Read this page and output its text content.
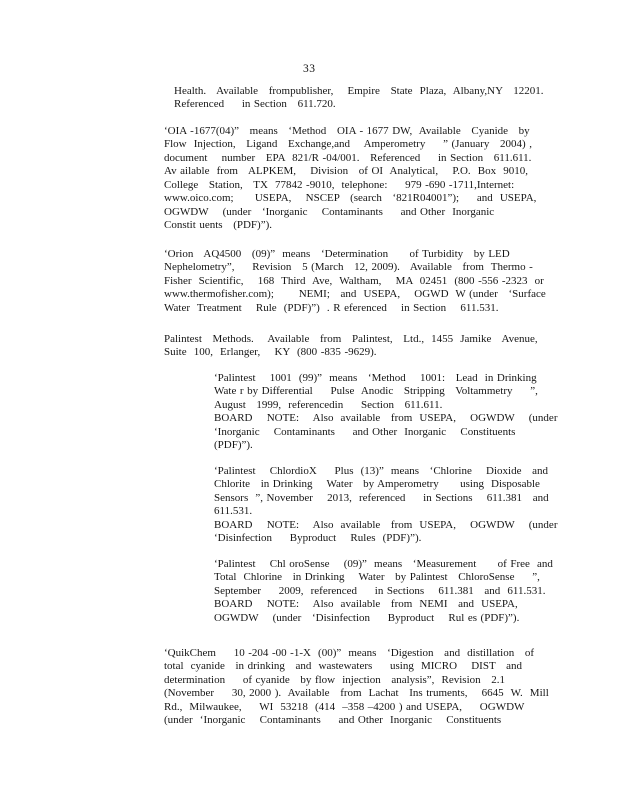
33
Health.   Available   frompublisher,    Empire   State  Plaza,  Albany,NY   12201.
Referenced     in Section   611.720.
‘OIA -1677(04)”   means   ‘Method   OIA - 1677 DW,  Available   Cyanide   by
Flow  Injection,   Ligand   Exchange,and    Amperometry     ” (January   2004) ,
document    number   EPA  821/R -04/001.   Referenced     in Section   611.611.
Av ailable  from   ALPKEM,    Division   of OI  Analytical,    P.O.  Box  9010,
College   Station,   TX  77842 -9010,  telephone:     979 -690 -1711,Internet:
www.oico.com;      USEPA,    NSCEP   (search   ‘821R04001”);     and  USEPA,
OGWDW    (under   ‘Inorganic    Contaminants     and Other  Inorganic
Constit uents   (PDF)”).
‘Orion   AQ4500   (09)”  means   ‘Determination      of Turbidity   by LED
Nephelometry”,     Revision   5 (March   12, 2009).   Available   from  Thermo -
Fisher  Scientific,    168  Third  Ave,  Waltham,    MA  02451  (800 -556 -2323  or
www.thermofisher.com);       NEMI;   and  USEPA,    OGWD  W (under   ‘Surface
Water  Treatment    Rule  (PDF)”)  . R eferenced    in Section    611.531.
Palintest   Methods.    Available   from   Palintest,   Ltd.,  1455  Jamike   Avenue,
Suite  100,  Erlanger,    KY  (800 -835 -9629).
‘Palintest    1001  (99)”  means   ‘Method    1001:   Lead  in Drinking
Wate r by Differential     Pulse  Anodic   Stripping   Voltammetry     ”,
August   1999,  referencedin     Section   611.611.
BOARD    NOTE:    Also  available   from  USEPA,    OGWDW    (under
‘Inorganic    Contaminants     and Other  Inorganic    Constituents
(PDF)”).
‘Palintest    ChlordioX     Plus  (13)”  means   ‘Chlorine    Dioxide   and
Chlorite   in Drinking    Water   by Amperometry      using  Disposable
Sensors  ”, November    2013,  referenced     in Sections    611.381   and
611.531.
BOARD    NOTE:    Also  available   from  USEPA,    OGWDW    (under
‘Disinfection     Byproduct    Rules  (PDF)”).
‘Palintest    Chl oroSense    (09)”  means   ‘Measurement      of Free  and
Total  Chlorine   in Drinking    Water   by Palintest   ChloroSense     ”,
September     2009,  referenced     in Sections    611.381   and  611.531.
BOARD    NOTE:    Also  available   from  NEMI   and  USEPA,
OGWDW    (under   ‘Disinfection     Byproduct    Rul es (PDF)”).
‘QuikChem     10 -204 -00 -1-X  (00)”  means   ‘Digestion   and  distillation   of
total  cyanide   in drinking   and  wastewaters     using  MICRO    DIST   and
determination     of cyanide   by flow  injection   analysis”,  Revision   2.1
(November     30, 2000 ).  Available   from  Lachat   Ins truments,    6645  W.  Mill
Rd.,  Milwaukee,     WI  53218  (414  –358 –4200 ) and USEPA,     OGWDW
(under  ‘Inorganic    Contaminants     and Other  Inorganic    Constituents
